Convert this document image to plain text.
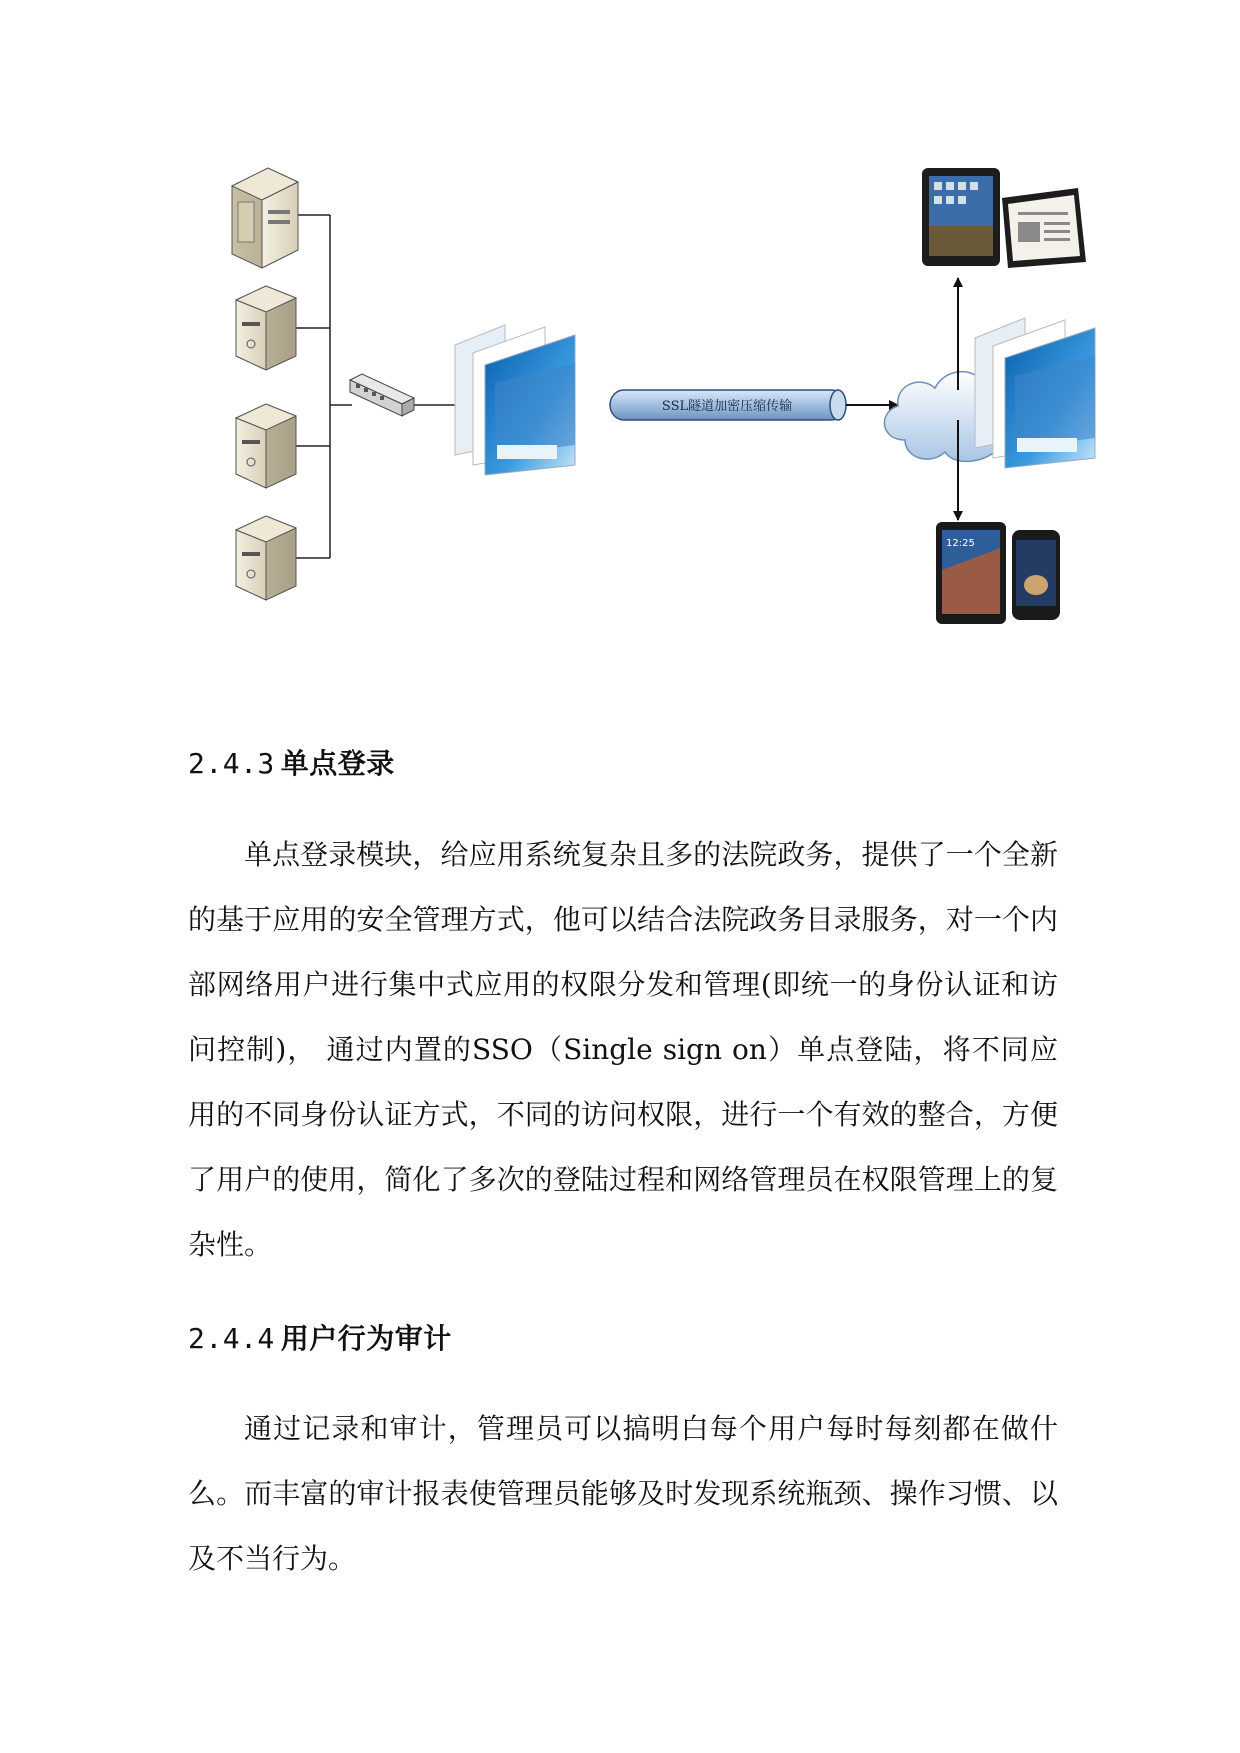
SSL隧道加密压缩传输
12:25
2.4.3 单点登录

单点登录模块，给应用系统复杂且多的法院政务，提供了一个全新的基于应用的安全管理方式，他可以结合法院政务目录服务，对一个内部网络用户进行集中式应用的权限分发和管理(即统一的身份认证和访问控制)， 通过内置的SSO（Single sign on）单点登陆，将不同应用的不同身份认证方式，不同的访问权限，进行一个有效的整合，方便了用户的使用，简化了多次的登陆过程和网络管理员在权限管理上的复杂性。

2.4.4 用户行为审计

通过记录和审计，管理员可以搞明白每个用户每时每刻都在做什么。而丰富的审计报表使管理员能够及时发现系统瓶颈、操作习惯、以及不当行为。
